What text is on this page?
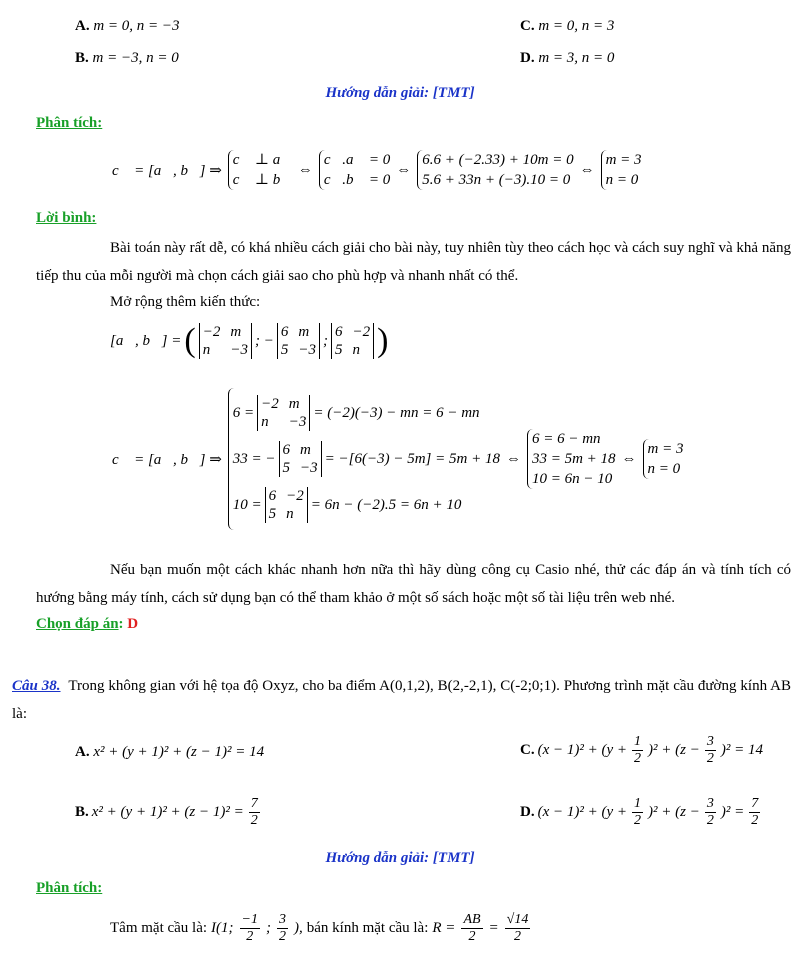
A. m = 0, n = −3	C. m = 0, n = 3
B. m = −3, n = 0	D. m = 3, n = 0
Hướng dẫn giải: [TMT]
Phân tích:
c⃗ = [a⃗, b⃗] ⇒
c⃗ ⊥ a⃗
c⃗ ⊥ b⃗
⇔
c⃗.a⃗ = 0
c⃗.b⃗ = 0
⇔
6.6 + (−2.33) + 10m = 0
5.6 + 33n + (−3).10 = 0
⇔
m = 3
n = 0
Lời bình:
Bài toán này rất dễ, có khá nhiều cách giải cho bài này, tuy nhiên tùy theo cách học và cách suy nghĩ và khả năng tiếp thu của mỗi người mà chọn cách giải sao cho phù hợp và nhanh nhất có thể.
Mở rộng thêm kiến thức:
[a⃗, b⃗] = ( −2 m
n	−3
; −
6 m
5 −3
;
6 −2
5 n )
c⃗ = [a⃗, b⃗] ⇒
6 =
−2 m
n	−3
= (−2)(−3) − mn = 6 − mn
33 = −
6 m
5 −3
= −[6(−3) − 5m] = 5m + 18
10 =
6 −2
5 n
= 6n − (−2).5 = 6n + 10
⇔
6 = 6 − mn
33 = 5m + 18
10 = 6n − 10
⇔
m = 3
n = 0
Nếu bạn muốn một cách khác nhanh hơn nữa thì hãy dùng công cụ Casio nhé, thử các đáp án và tính tích có hướng bằng máy tính, cách sử dụng bạn có thể tham khảo ở một số sách hoặc một số tài liệu trên web nhé.
Chọn đáp án: D
Câu 38. Trong không gian với hệ tọa độ Oxyz, cho ba điểm A(0,1,2), B(2,-2,1), C(-2;0;1). Phương trình mặt cầu đường kính AB là:
A. x² + (y + 1)² + (z − 1)² = 14	C. $(x - 1)^2 + (y + \frac{1}{2} )^2 + (z - \frac{3}{2} )^2 = 14$
B. $x^2 + (y + 1)^2 + (z - 1)^2 = \frac{7}{2}$	D. $(x - 1)^2 + (y + \frac{1}{2} )^2 + (z - \frac{3}{2} )^2 = \frac{7}{2}$
Hướng dẫn giải: [TMT]
Phân tích:
Tâm mặt cầu là: I(1; $\frac{-1}{2}$ ; $\frac{3}{2}$ ), bán kính mặt cầu là: $R = \frac{AB}{2} = \frac{√14}{2}$
